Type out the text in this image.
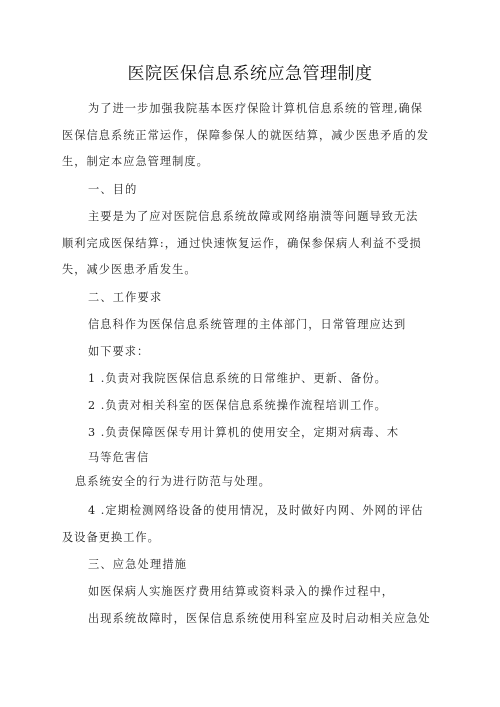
医院医保信息系统应急管理制度
为了进一步加强我院基本医疗保险计算机信息系统的管理,确保
医保信息系统正常运作，保障参保人的就医结算，减少医患矛盾的发
生，制定本应急管理制度。
一、目的
主要是为了应对医院信息系统故障或网络崩溃等问题导致无法
顺利完成医保结算:，通过快速恢复运作，确保参保病人利益不受损
失，减少医患矛盾发生。
二、工作要求
信息科作为医保信息系统管理的主体部门，日常管理应达到
如下要求：
1 .负责对我院医保信息系统的日常维护、更新、备份。
2 .负责对相关科室的医保信息系统操作流程培训工作。
3 .负责保障医保专用计算机的使用安全，定期对病毒、木
马等危害信
息系统安全的行为进行防范与处理。
4 .定期检测网络设备的使用情况，及时做好内网、外网的评估
及设备更换工作。
三、应急处理措施
如医保病人实施医疗费用结算或资料录入的操作过程中，
出现系统故障时，医保信息系统使用科室应及时启动相关应急处
